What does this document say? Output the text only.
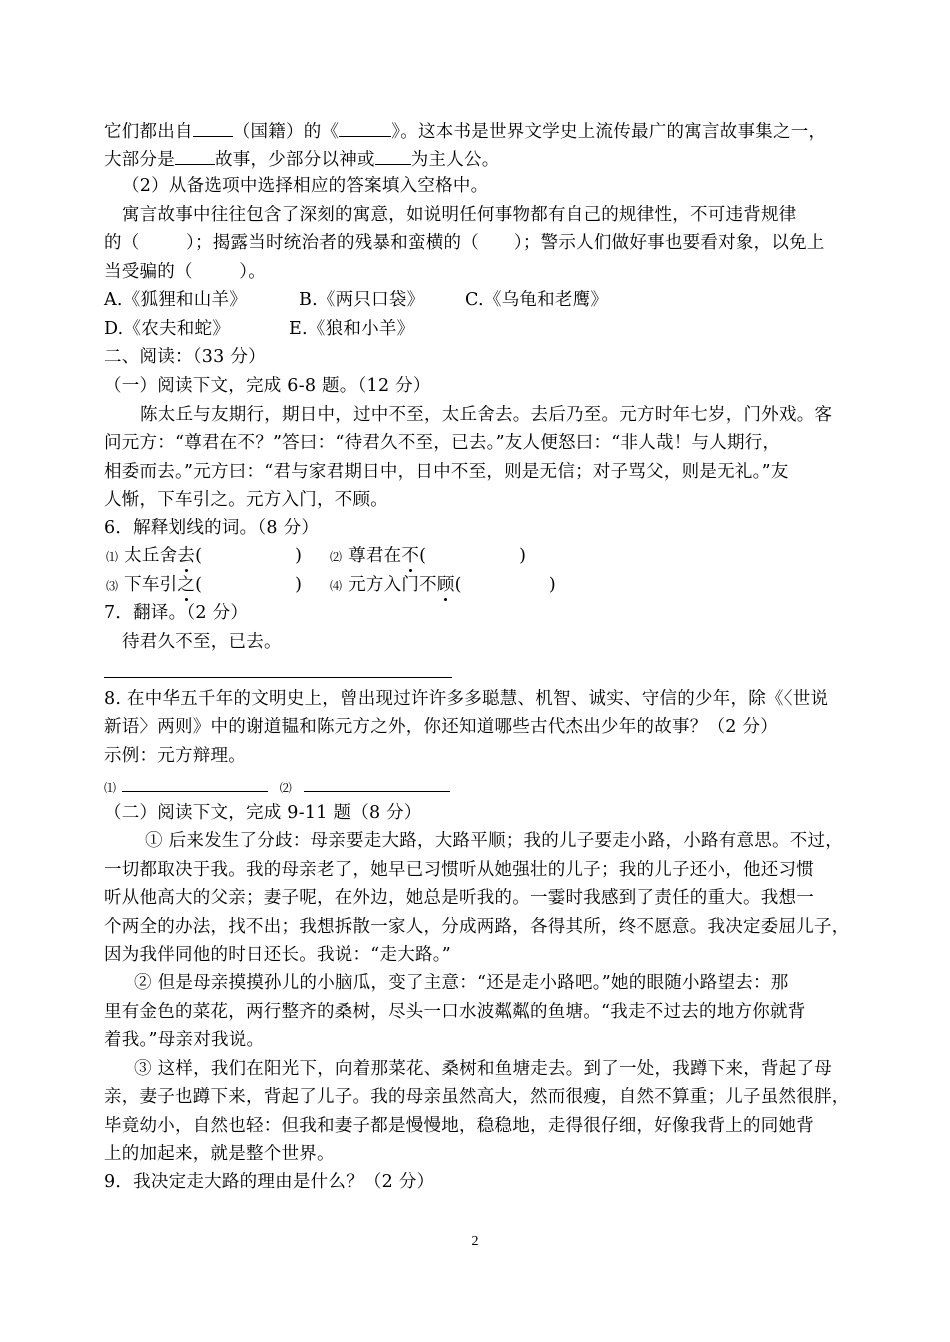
它们都出自 （国籍）的《	》。这本书是世界文学史上流传最广的寓言故事集之一，
大部分是 故事，少部分以神或 为主人公。
（2）从备选项中选择相应的答案填入空格中。
寓言故事中往往包含了深刻的寓意，如说明任何事物都有自己的规律性，不可违背规律
的（        ）；揭露当时统治者的残暴和蛮横的（      ）；警示人们做好事也要看对象，以免上
当受骗的（        ）。
A.《狐狸和山羊》	B.《两只口袋》 C.《乌龟和老鹰》
D.《农夫和蛇》	E.《狼和小羊》
二、阅读：（33 分）
（一）阅读下文，完成 6-8 题。（12 分）
陈太丘与友期行，期日中，过中不至，太丘舍去。去后乃至。元方时年七岁，门外戏。客
问元方：“尊君在不？”答曰：“待君久不至，已去。”友人便怒曰：“非人哉！与人期行，
相委而去。”元方曰：“君与家君期日中，日中不至，则是无信；对子骂父，则是无礼。”友
人惭，下车引之。元方入门，不顾。
6．解释划线的词。（8 分）
⑴ 太丘舍去(                ) ⑵ 尊君在不(                )
⑶ 下车引之(                ) ⑷ 元方入门不顾(               )
7．翻译。（2 分）
待君久不至，已去。
8. 在中华五千年的文明史上，曾出现过许许多多聪慧、机智、诚实、守信的少年，除《〈世说
新语〉两则》中的谢道韫和陈元方之外，你还知道哪些古代杰出少年的故事？（2 分）
示例：元方辩理。
⑴	⑵
（二）阅读下文，完成 9-11 题（8 分）
① 后来发生了分歧：母亲要走大路，大路平顺；我的儿子要走小路，小路有意思。不过，
一切都取决于我。我的母亲老了，她早已习惯听从她强壮的儿子；我的儿子还小，他还习惯
听从他高大的父亲；妻子呢，在外边，她总是听我的。一霎时我感到了责任的重大。我想一
个两全的办法，找不出；我想拆散一家人，分成两路，各得其所，终不愿意。我决定委屈儿子，
因为我伴同他的时日还长。我说：“走大路。”
② 但是母亲摸摸孙儿的小脑瓜，变了主意：“还是走小路吧。”她的眼随小路望去：那
里有金色的菜花，两行整齐的桑树，尽头一口水波粼粼的鱼塘。“我走不过去的地方你就背
着我。”母亲对我说。
③ 这样，我们在阳光下，向着那菜花、桑树和鱼塘走去。到了一处，我蹲下来，背起了母
亲，妻子也蹲下来，背起了儿子。我的母亲虽然高大，然而很瘦，自然不算重；儿子虽然很胖，
毕竟幼小，自然也轻：但我和妻子都是慢慢地，稳稳地，走得很仔细，好像我背上的同她背
上的加起来，就是整个世界。
9．我决定走大路的理由是什么？（2 分）
2
